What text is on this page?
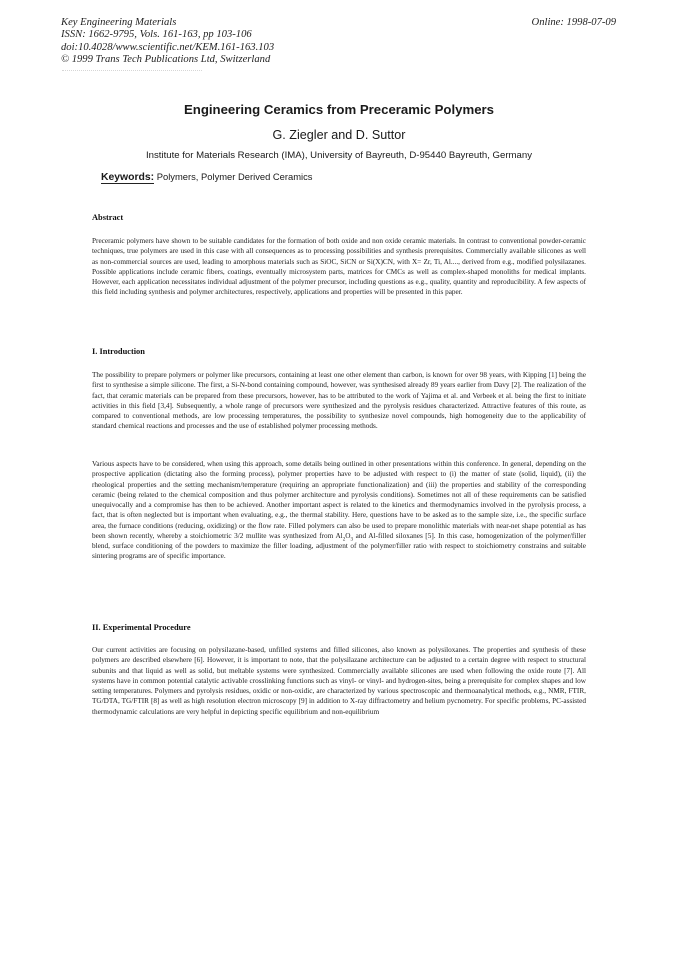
Key Engineering Materials
ISSN: 1662-9795, Vols. 161-163, pp 103-106
doi:10.4028/www.scientific.net/KEM.161-163.103
© 1999 Trans Tech Publications Ltd, Switzerland
Online: 1998-07-09
Engineering Ceramics from Preceramic Polymers
G. Ziegler and D. Suttor
Institute for Materials Research (IMA), University of Bayreuth, D-95440 Bayreuth, Germany
Keywords: Polymers, Polymer Derived Ceramics
Abstract
Preceramic polymers have shown to be suitable candidates for the formation of both oxide and non oxide ceramic materials. In contrast to conventional powder-ceramic techniques, true polymers are used in this case with all consequences as to processing possibilities and synthesis prerequisites. Commercially available silicones as well as non-commercial sources are used, leading to amorphous materials such as SiOC, SiCN or Si(X)CN, with X= Zr, Ti, Al...., derived from e.g., modified polysilazanes. Possible applications include ceramic fibers, coatings, eventually microsystem parts, matrices for CMCs as well as complex-shaped monoliths for medical implants. However, each application necessitates individual adjustment of the polymer precursor, including questions as e.g., quality, quantity and reproducibility. A few aspects of this field including synthesis and polymer architectures, respectively, applications and properties will be presented in this paper.
I. Introduction
The possibility to prepare polymers or polymer like precursors, containing at least one other element than carbon, is known for over 98 years, with Kipping [1] being the first to synthesise a simple silicone. The first, a Si-N-bond containing compound, however, was synthesised already 89 years earlier from Davy [2]. The realization of the fact, that ceramic materials can be prepared from these precursors, however, has to be attributed to the work of Yajima et al. and Verbeek et al. being the first to initiate activities in this field [3,4]. Subsequently, a whole range of precursors were synthesized and the pyrolysis residues characterized. Attractive features of this route, as compared to conventional methods, are low processing temperatures, the possibility to synthesize novel compounds, high homogeneity due to the applicability of standard chemical reactions and processes and the use of established polymer processing methods.
Various aspects have to be considered, when using this approach, some details being outlined in other presentations within this conference. In general, depending on the prospective application (dictating also the forming process), polymer properties have to be adjusted with respect to (i) the matter of state (solid, liquid), (ii) the rheological properties and the setting mechanism/temperature (requiring an appropriate functionalization) and (iii) the properties and stability of the corresponding ceramic (being related to the chemical composition and thus polymer architecture and pyrolysis conditions). Sometimes not all of these requirements can be satisfied unequivocally and a compromise has then to be achieved. Another important aspect is related to the kinetics and thermodynamics involved in the pyrolysis process, a fact, that is often neglected but is important when evaluating, e.g., the thermal stability. Here, questions have to be asked as to the sample size, i.e., the specific surface area, the furnace conditions (reducing, oxidizing) or the flow rate. Filled polymers can also be used to prepare monolithic materials with near-net shape potential as has been shown recently, whereby a stoichiometric 3/2 mullite was synthesized from $Al_2O_3$ and Al-filled siloxanes [5]. In this case, homogenization of the polymer/filler blend, surface conditioning of the powders to maximize the filler loading, adjustment of the polymer/filler ratio with respect to stoichiometry constrains and suitable sintering programs are of specific importance.
II. Experimental Procedure
Our current activities are focusing on polysilazane-based, unfilled systems and filled silicones, also known as polysiloxanes. The properties and synthesis of these polymers are described elsewhere [6]. However, it is important to note, that the polysilazane architecture can be adjusted to a certain degree with respect to structural subunits and that liquid as well as solid, but meltable systems were synthesized. Commercially available silicones are used when following the oxide route [7]. All systems have in common potential catalytic activable crosslinking functions such as vinyl- or vinyl- and hydrogen-sites, being a prerequisite for complex shapes and low setting temperatures. Polymers and pyrolysis residues, oxidic or non-oxidic, are characterized by various spectroscopic and thermoanalytical methods, e.g., NMR, FTIR, TG/DTA, TG/FTIR [8] as well as high resolution electron microscopy [9] in addition to X-ray diffractometry and helium pycnometry. For specific problems, PC-assisted thermodynamic calculations are very helpful in depicting specific equilibrium and non-equilibrium
